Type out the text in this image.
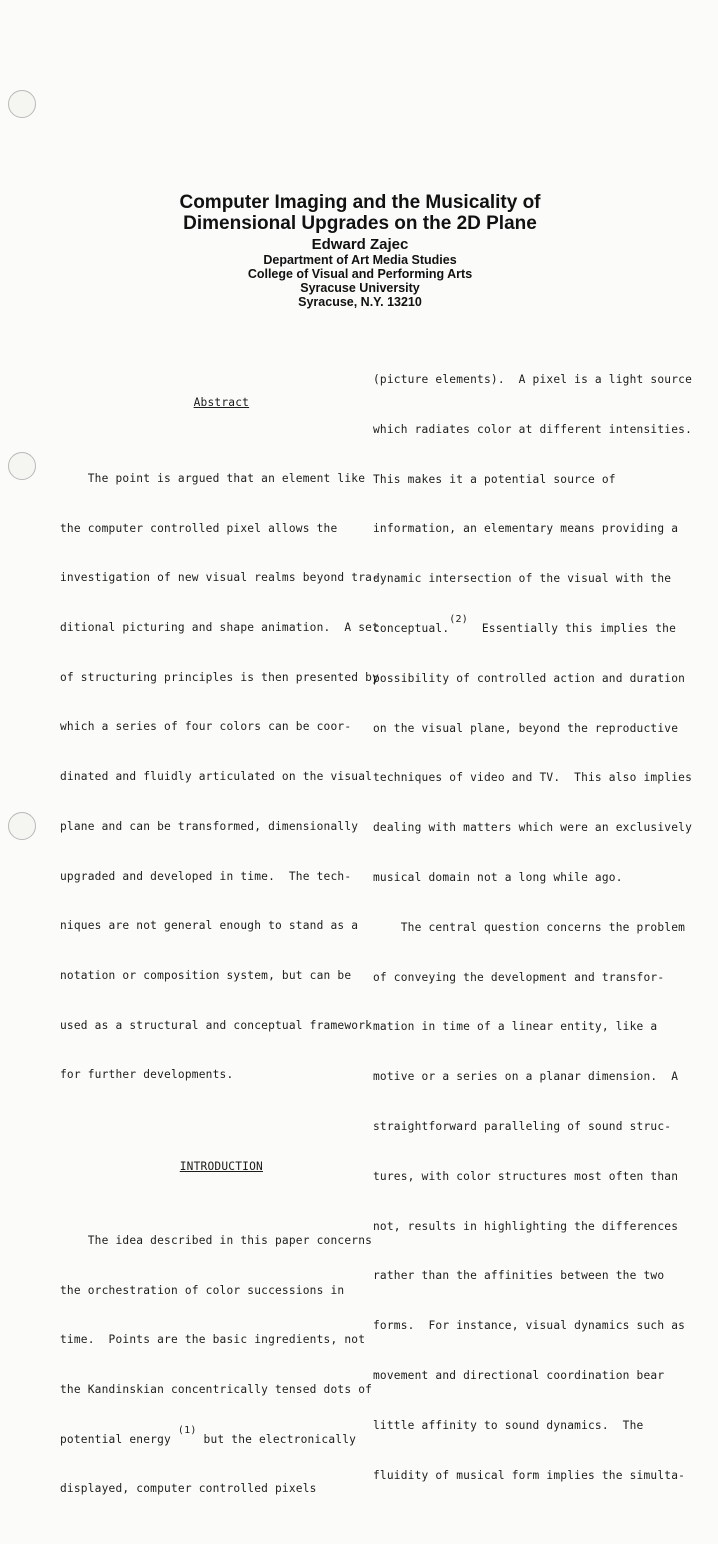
Computer Imaging and the Musicality of
Dimensional Upgrades on the 2D Plane
Edward Zajec
Department of Art Media Studies
College of Visual and Performing Arts
Syracuse University
Syracuse, N.Y. 13210

Abstract

The point is argued that an element like

the computer controlled pixel allows the

investigation of new visual realms beyond tra-

ditional picturing and shape animation.  A set

of structuring principles is then presented by

which a series of four colors can be coor-

dinated and fluidly articulated on the visual

plane and can be transformed, dimensionally

upgraded and developed in time.  The tech-

niques are not general enough to stand as a

notation or composition system, but can be

used as a structural and conceptual framework

for further developments.

INTRODUCTION

The idea described in this paper concerns

the orchestration of color successions in

time.  Points are the basic ingredients, not

the Kandinskian concentrically tensed dots of

potential energy $^{(1)}$ but the electronically

displayed, computer controlled pixels

(picture elements).  A pixel is a light source

which radiates color at different intensities.

This makes it a potential source of

information, an elementary means providing a

dynamic intersection of the visual with the

conceptual.$^{(2)}$  Essentially this implies the

possibility of controlled action and duration

on the visual plane, beyond the reproductive

techniques of video and TV.  This also implies

dealing with matters which were an exclusively

musical domain not a long while ago.

The central question concerns the problem

of conveying the development and transfor-

mation in time of a linear entity, like a

motive or a series on a planar dimension.  A

straightforward paralleling of sound struc-

tures, with color structures most often than

not, results in highlighting the differences

rather than the affinities between the two

forms.  For instance, visual dynamics such as

movement and directional coordination bear

little affinity to sound dynamics.  The

fluidity of musical form implies the simulta-
